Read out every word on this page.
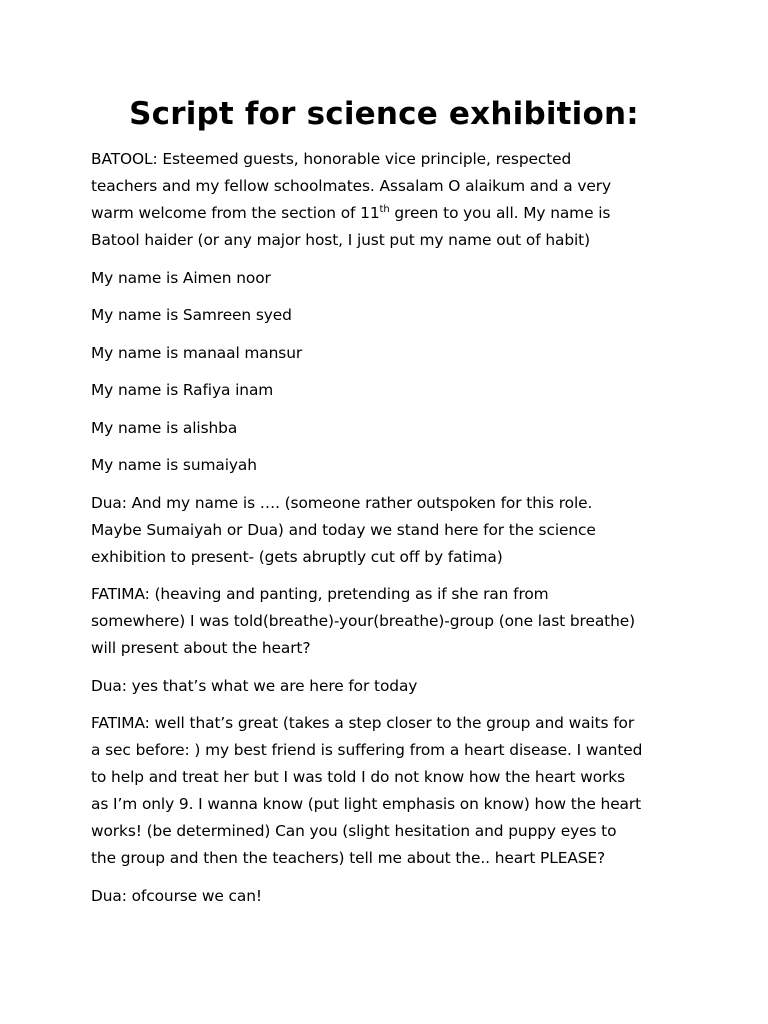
Script for science exhibition:

BATOOL: Esteemed guests, honorable vice principle, respected
teachers and my fellow schoolmates. Assalam O alaikum and a very
warm welcome from the section of 11th green to you all. My name is
Batool haider (or any major host, I just put my name out of habit)

My name is Aimen noor

My name is Samreen syed

My name is manaal mansur

My name is Rafiya inam

My name is alishba

My name is sumaiyah

Dua: And my name is …. (someone rather outspoken for this role.
Maybe Sumaiyah or Dua) and today we stand here for the science
exhibition to present- (gets abruptly cut off by fatima)

FATIMA: (heaving and panting, pretending as if she ran from
somewhere) I was told(breathe)-your(breathe)-group (one last breathe)
will present about the heart?

Dua: yes that’s what we are here for today

FATIMA: well that’s great (takes a step closer to the group and waits for
a sec before: ) my best friend is suffering from a heart disease. I wanted
to help and treat her but I was told I do not know how the heart works
as I’m only 9. I wanna know (put light emphasis on know) how the heart
works! (be determined) Can you (slight hesitation and puppy eyes to
the group and then the teachers) tell me about the.. heart PLEASE?

Dua: ofcourse we can!
